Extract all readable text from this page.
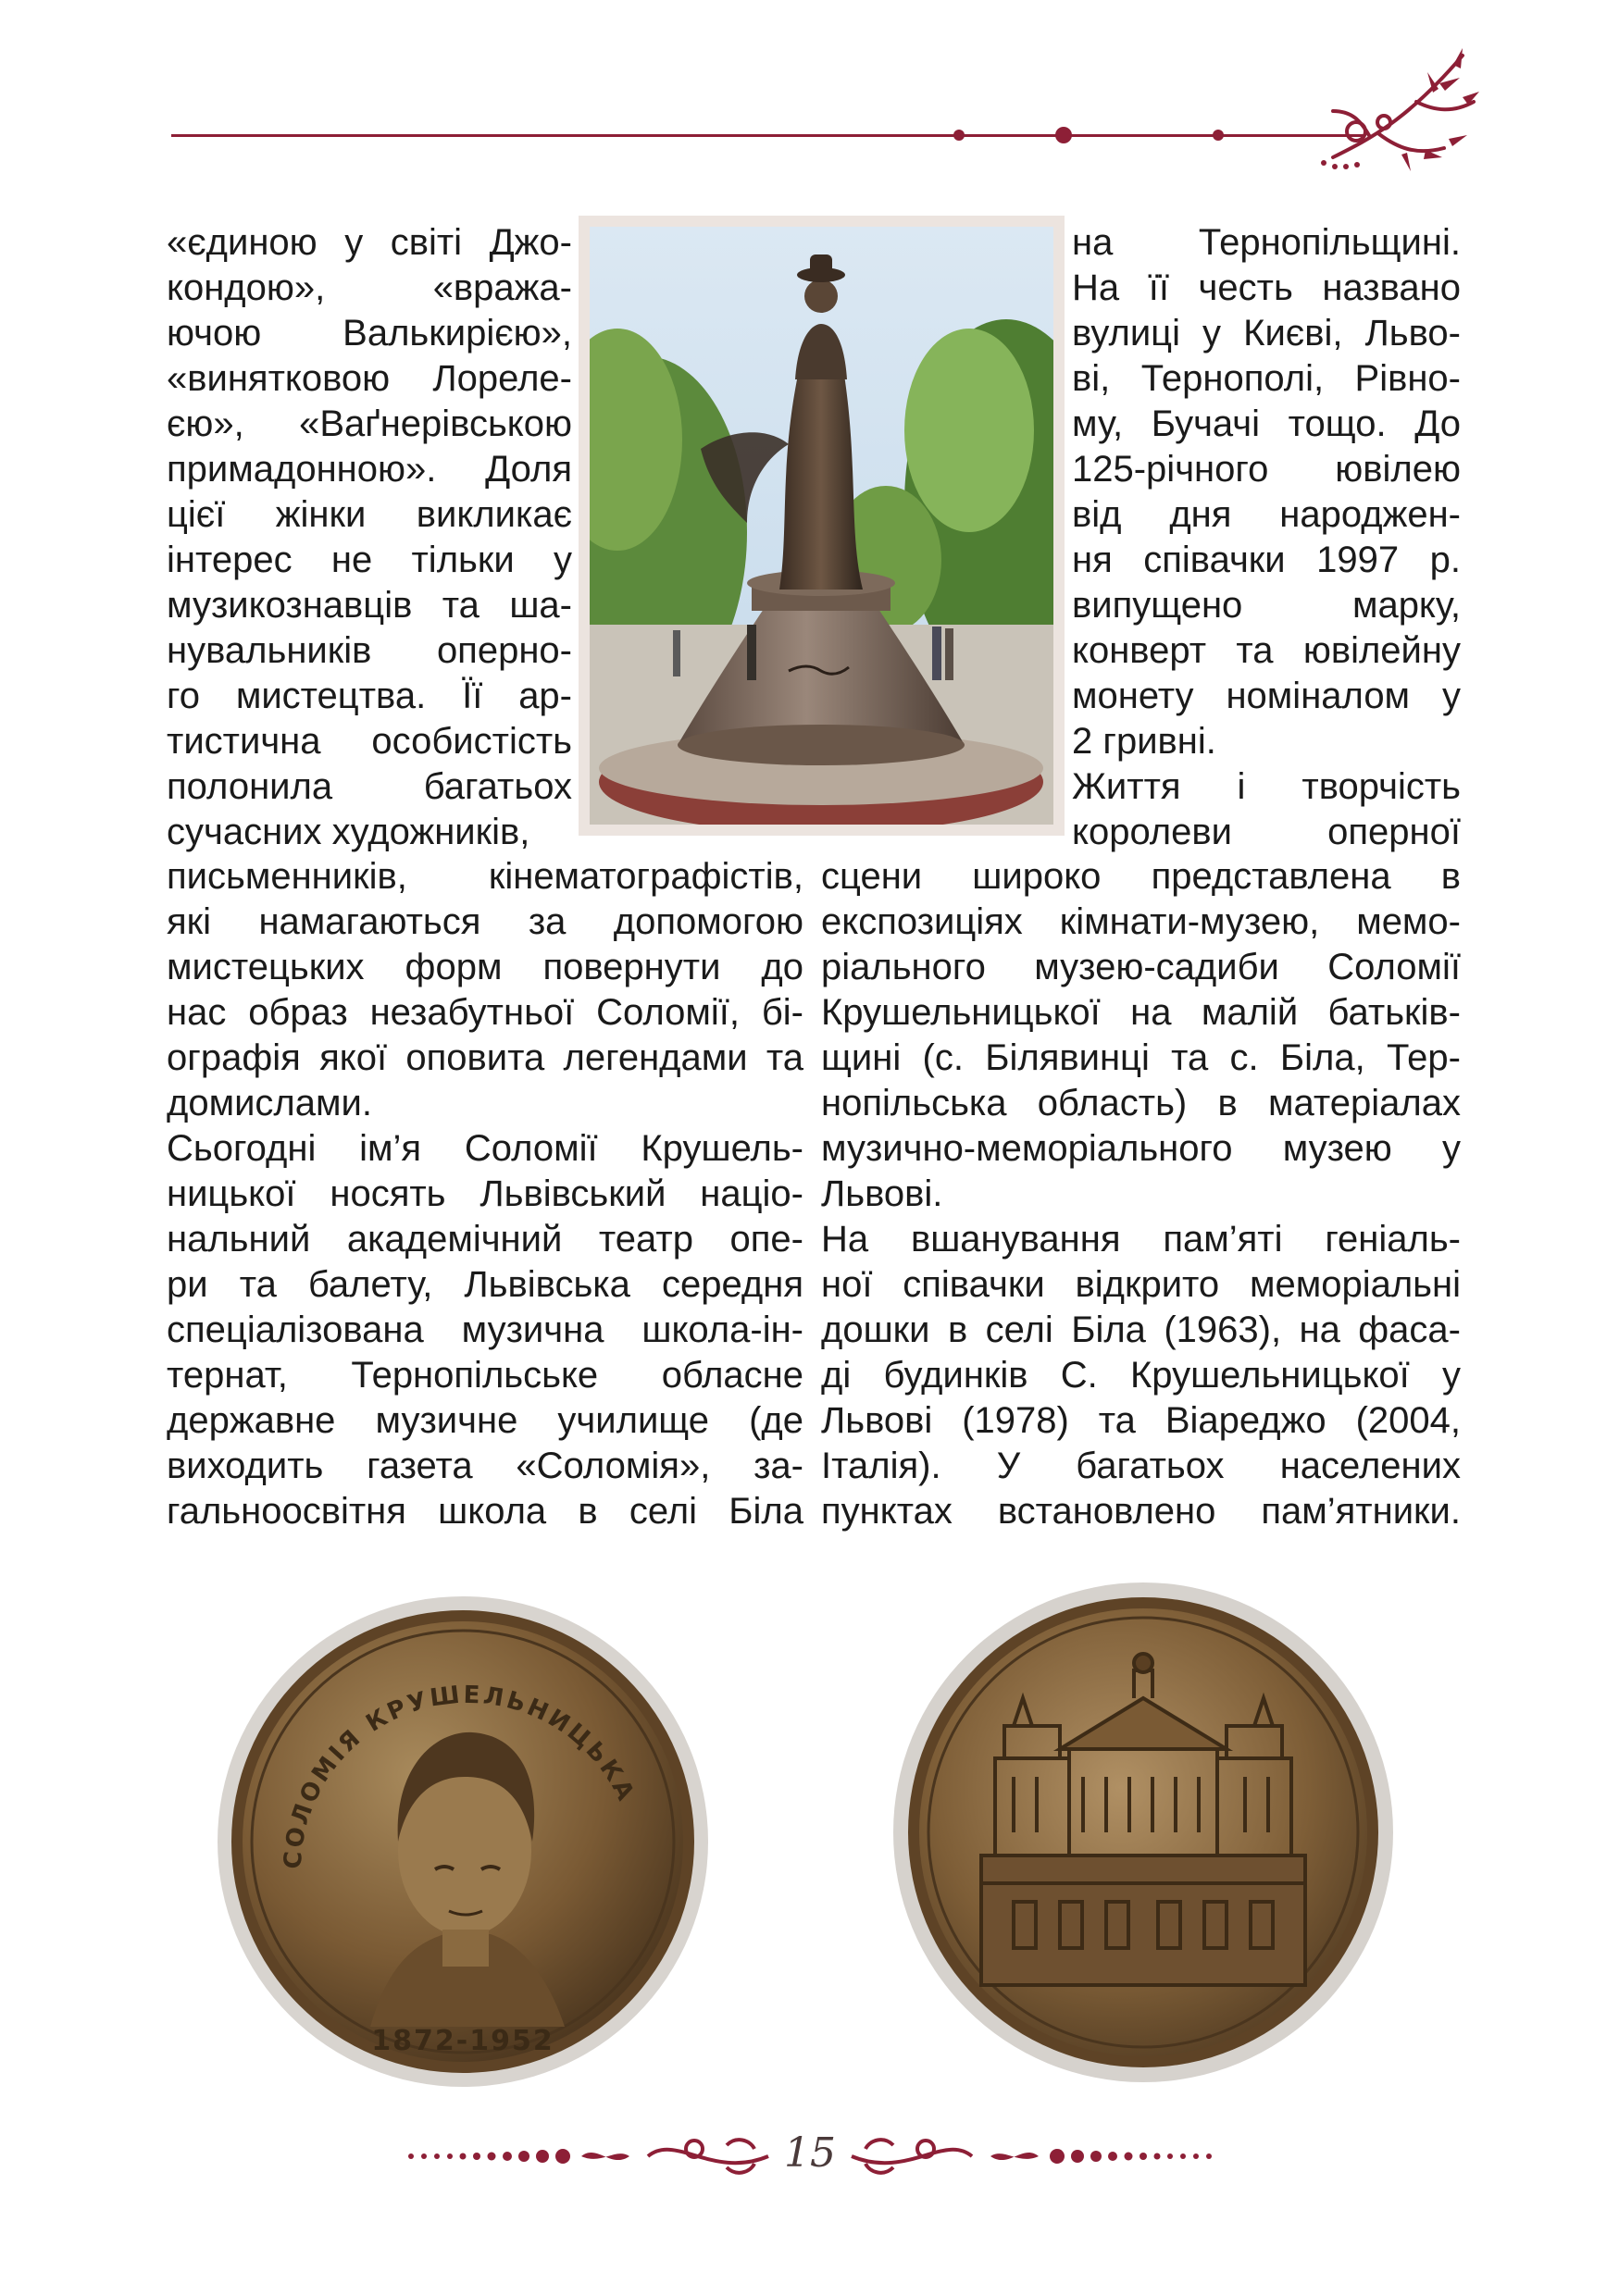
«єдиною у світі Джо-
кондою», «вража-
ючою Валькирією»,
«винятковою Лореле-
єю», «Ваґнерівською
примадонною». Доля
цієї жінки викликає
інтерес не тільки у
музикознавців та ша-
нувальників оперно-
го мистецтва. Її ар-
тистична особистість
полонила багатьох
сучасних художників,
на Тернопільщині.
На її честь названо
вулиці у Києві, Льво-
ві, Тернополі, Рівно-
му, Бучачі тощо. До
125-річного ювілею
від дня народжен-
ня співачки 1997 р.
випущено марку,
конверт та ювілейну
монету номіналом у
2 гривні.
Життя і творчість
королеви оперної
письменників, кінематографістів,
які намагаються за допомогою
мистецьких форм повернути до
нас образ незабутньої Соломії, бі-
ографія якої оповита легендами та
домислами.
Сьогодні ім’я Соломії Крушель-
ницької носять Львівський націо-
нальний академічний театр опе-
ри та балету, Львівська середня
спеціалізована музична школа-ін-
тернат, Тернопільське обласне
державне музичне училище (де
виходить газета «Соломія», за-
гальноосвітня школа в селі Біла
сцени широко представлена в
експозиціях кімнати-музею, мемо-
ріального музею-садиби Соломії
Крушельницької на малій батьків-
щині (с. Білявинці та с. Біла, Тер-
нопільська область) в матеріалах
музично-меморіального музею у
Львові.
На вшанування пам’яті геніаль-
ної співачки відкрито меморіальні
дошки в селі Біла (1963), на фаса-
ді будинків С. Крушельницької у
Львові (1978) та Віареджо (2004,
Італія). У багатьох населених
пунктах встановлено пам’ятники.
СОЛОМІЯ КРУШЕЛЬНИЦЬКА
1872-1952
15
